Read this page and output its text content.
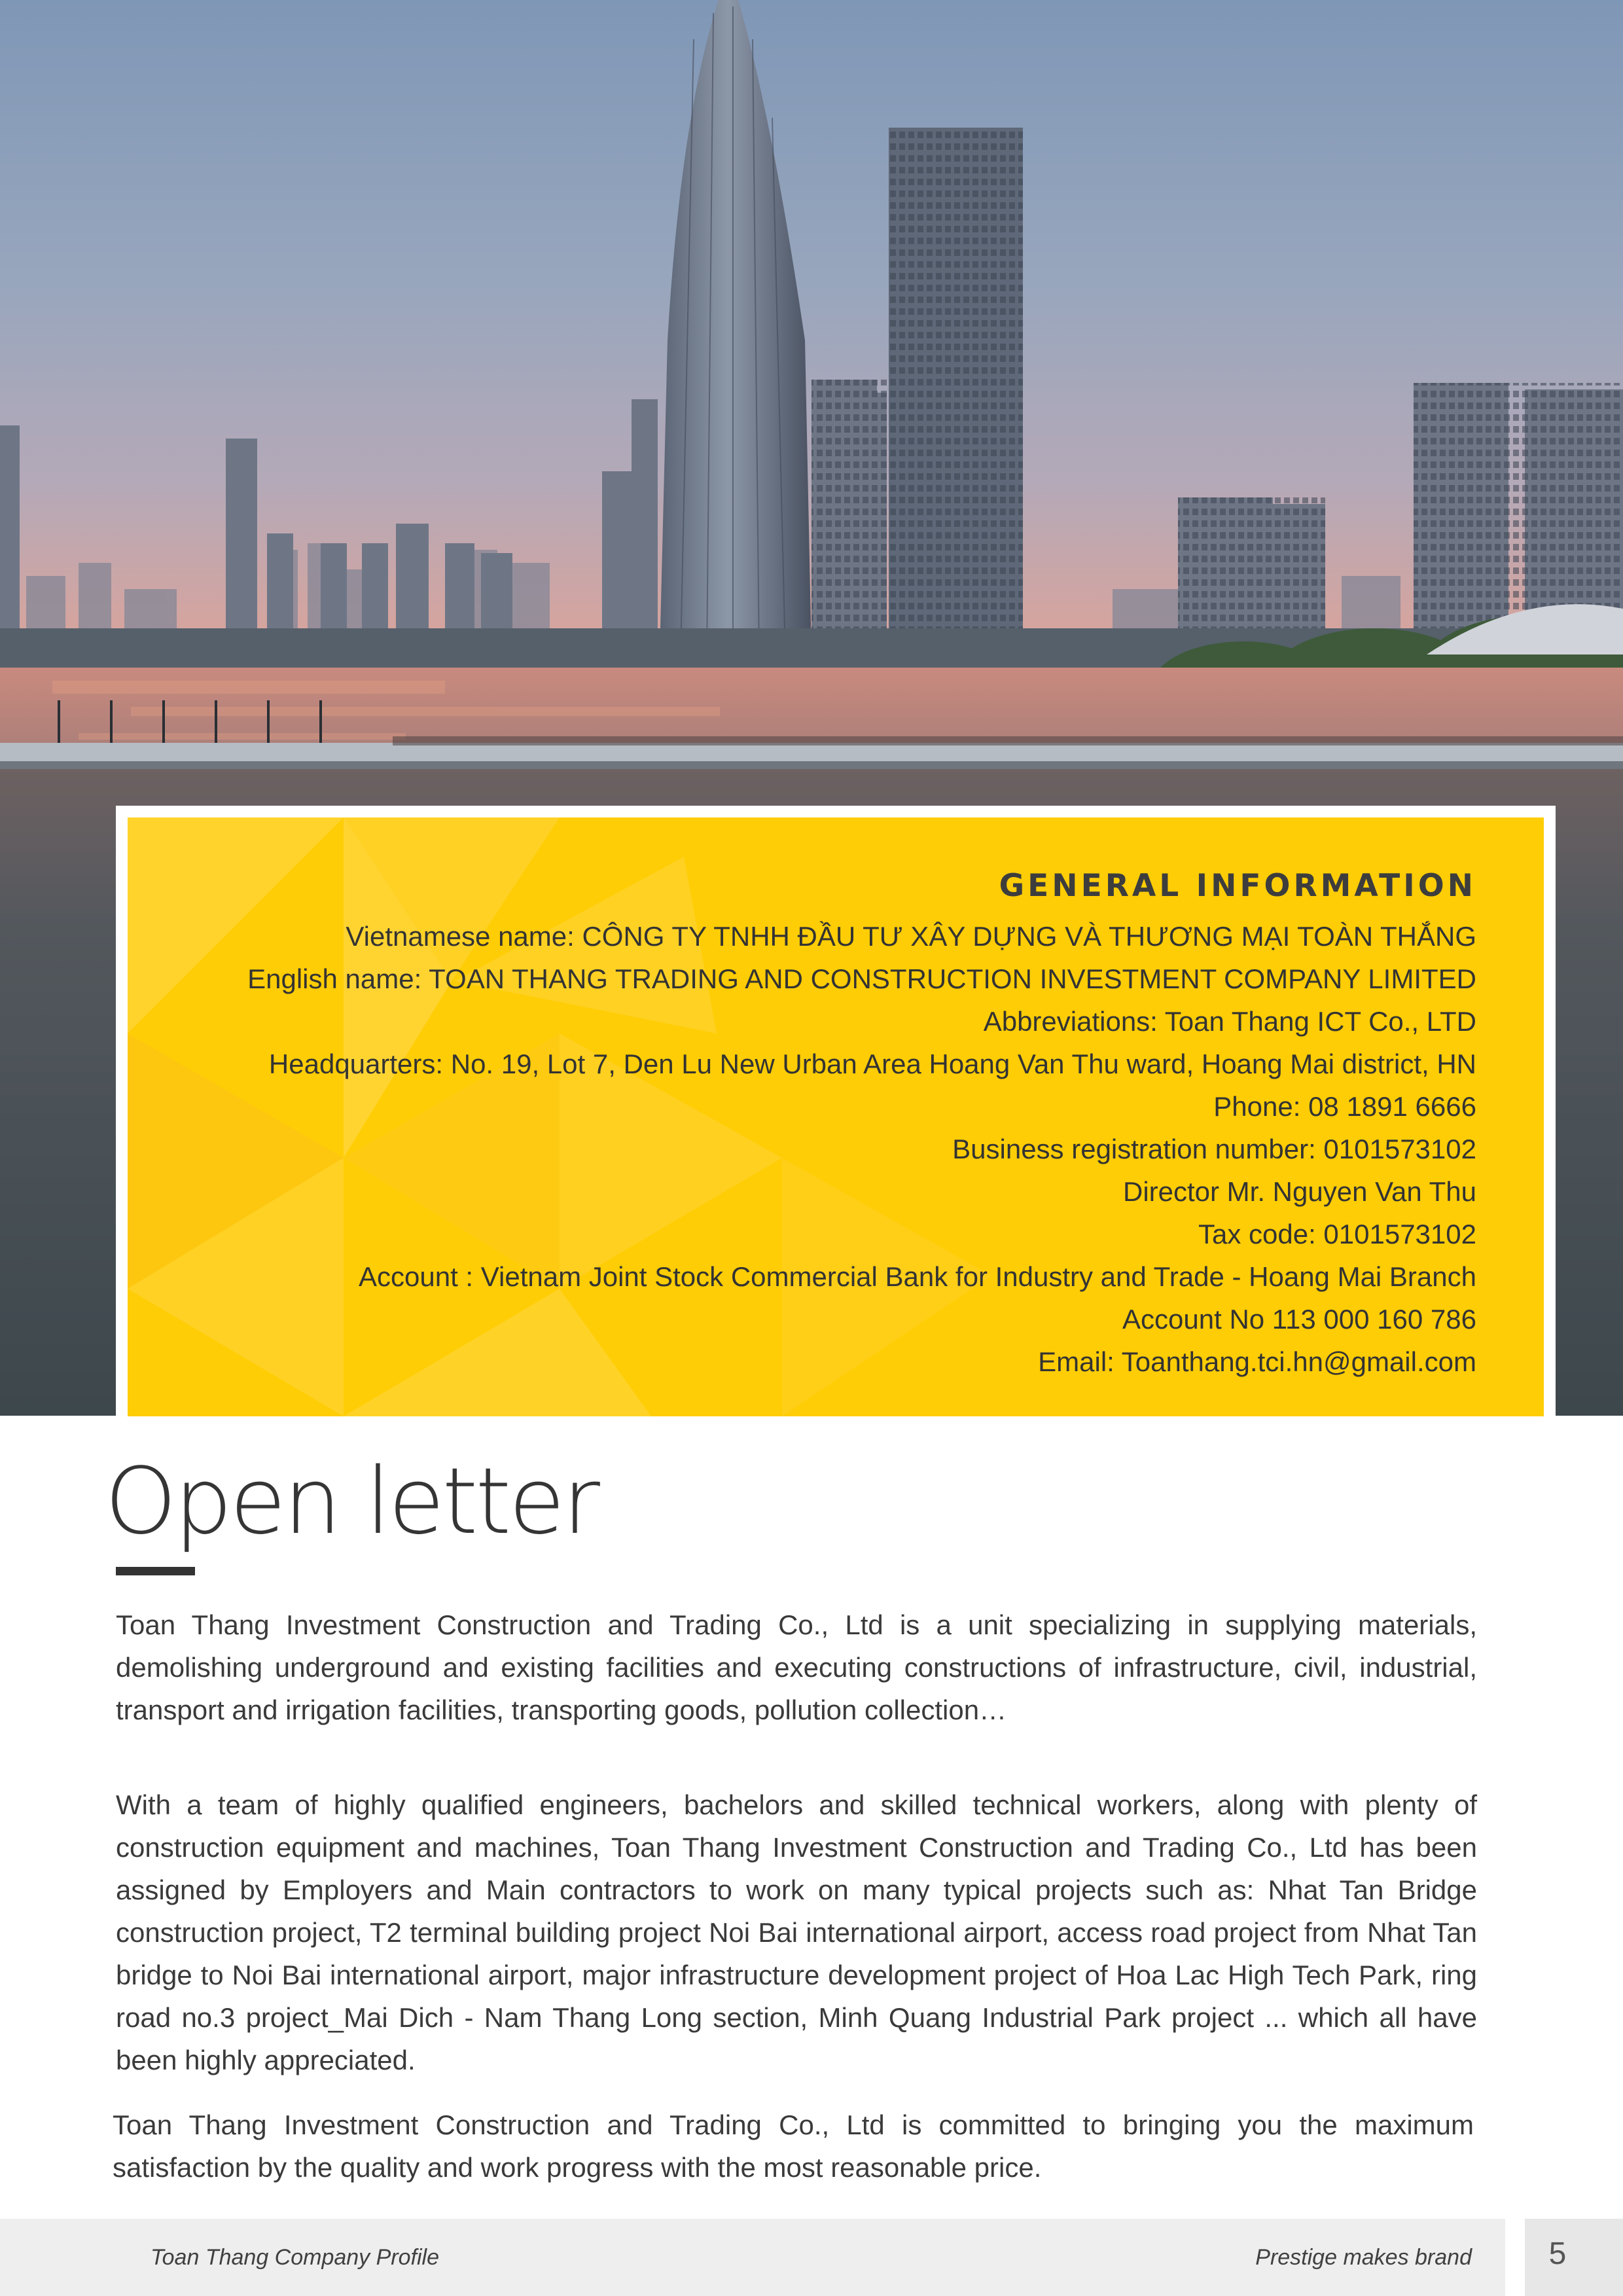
GENERAL INFORMATION
Vietnamese name: CÔNG TY TNHH ĐẦU TƯ XÂY DỰNG VÀ THƯƠNG MẠI TOÀN THẮNG
English name: TOAN THANG TRADING AND CONSTRUCTION INVESTMENT COMPANY LIMITED
Abbreviations: Toan Thang ICT Co., LTD
Headquarters: No. 19, Lot 7, Den Lu New Urban Area Hoang Van Thu ward, Hoang Mai district, HN
Phone: 08 1891 6666
Business registration number: 0101573102
Director Mr. Nguyen Van Thu
Tax code: 0101573102
Account : Vietnam Joint Stock Commercial Bank for Industry and Trade - Hoang Mai Branch
Account No 113 000 160 786
Email: Toanthang.tci.hn@gmail.com
Open letter

Toan Thang Investment Construction and Trading Co., Ltd is a unit specializing in supplying materials, demolishing underground and existing facilities and executing constructions of infrastructure, civil, industrial, transport and irrigation facilities, transporting goods, pollution collection…

With a team of highly qualified engineers, bachelors and skilled technical workers, along with plenty of construction equipment and machines, Toan Thang Investment Construction and Trading Co., Ltd has been assigned by Employers and Main contractors to work on many typical projects such as: Nhat Tan Bridge construction project, T2 terminal building project Noi Bai international airport, access road project from Nhat Tan bridge to Noi Bai international airport, major infrastructure development project of Hoa Lac High Tech Park, ring road no.3 project_Mai Dich - Nam Thang Long section, Minh Quang Industrial Park project ... which all have been highly appreciated.

Toan Thang Investment Construction and Trading Co., Ltd is committed to bringing you the maximum satisfaction by the quality and work progress with the most reasonable price.

Toan Thang Company Profile	Prestige makes brand	5
